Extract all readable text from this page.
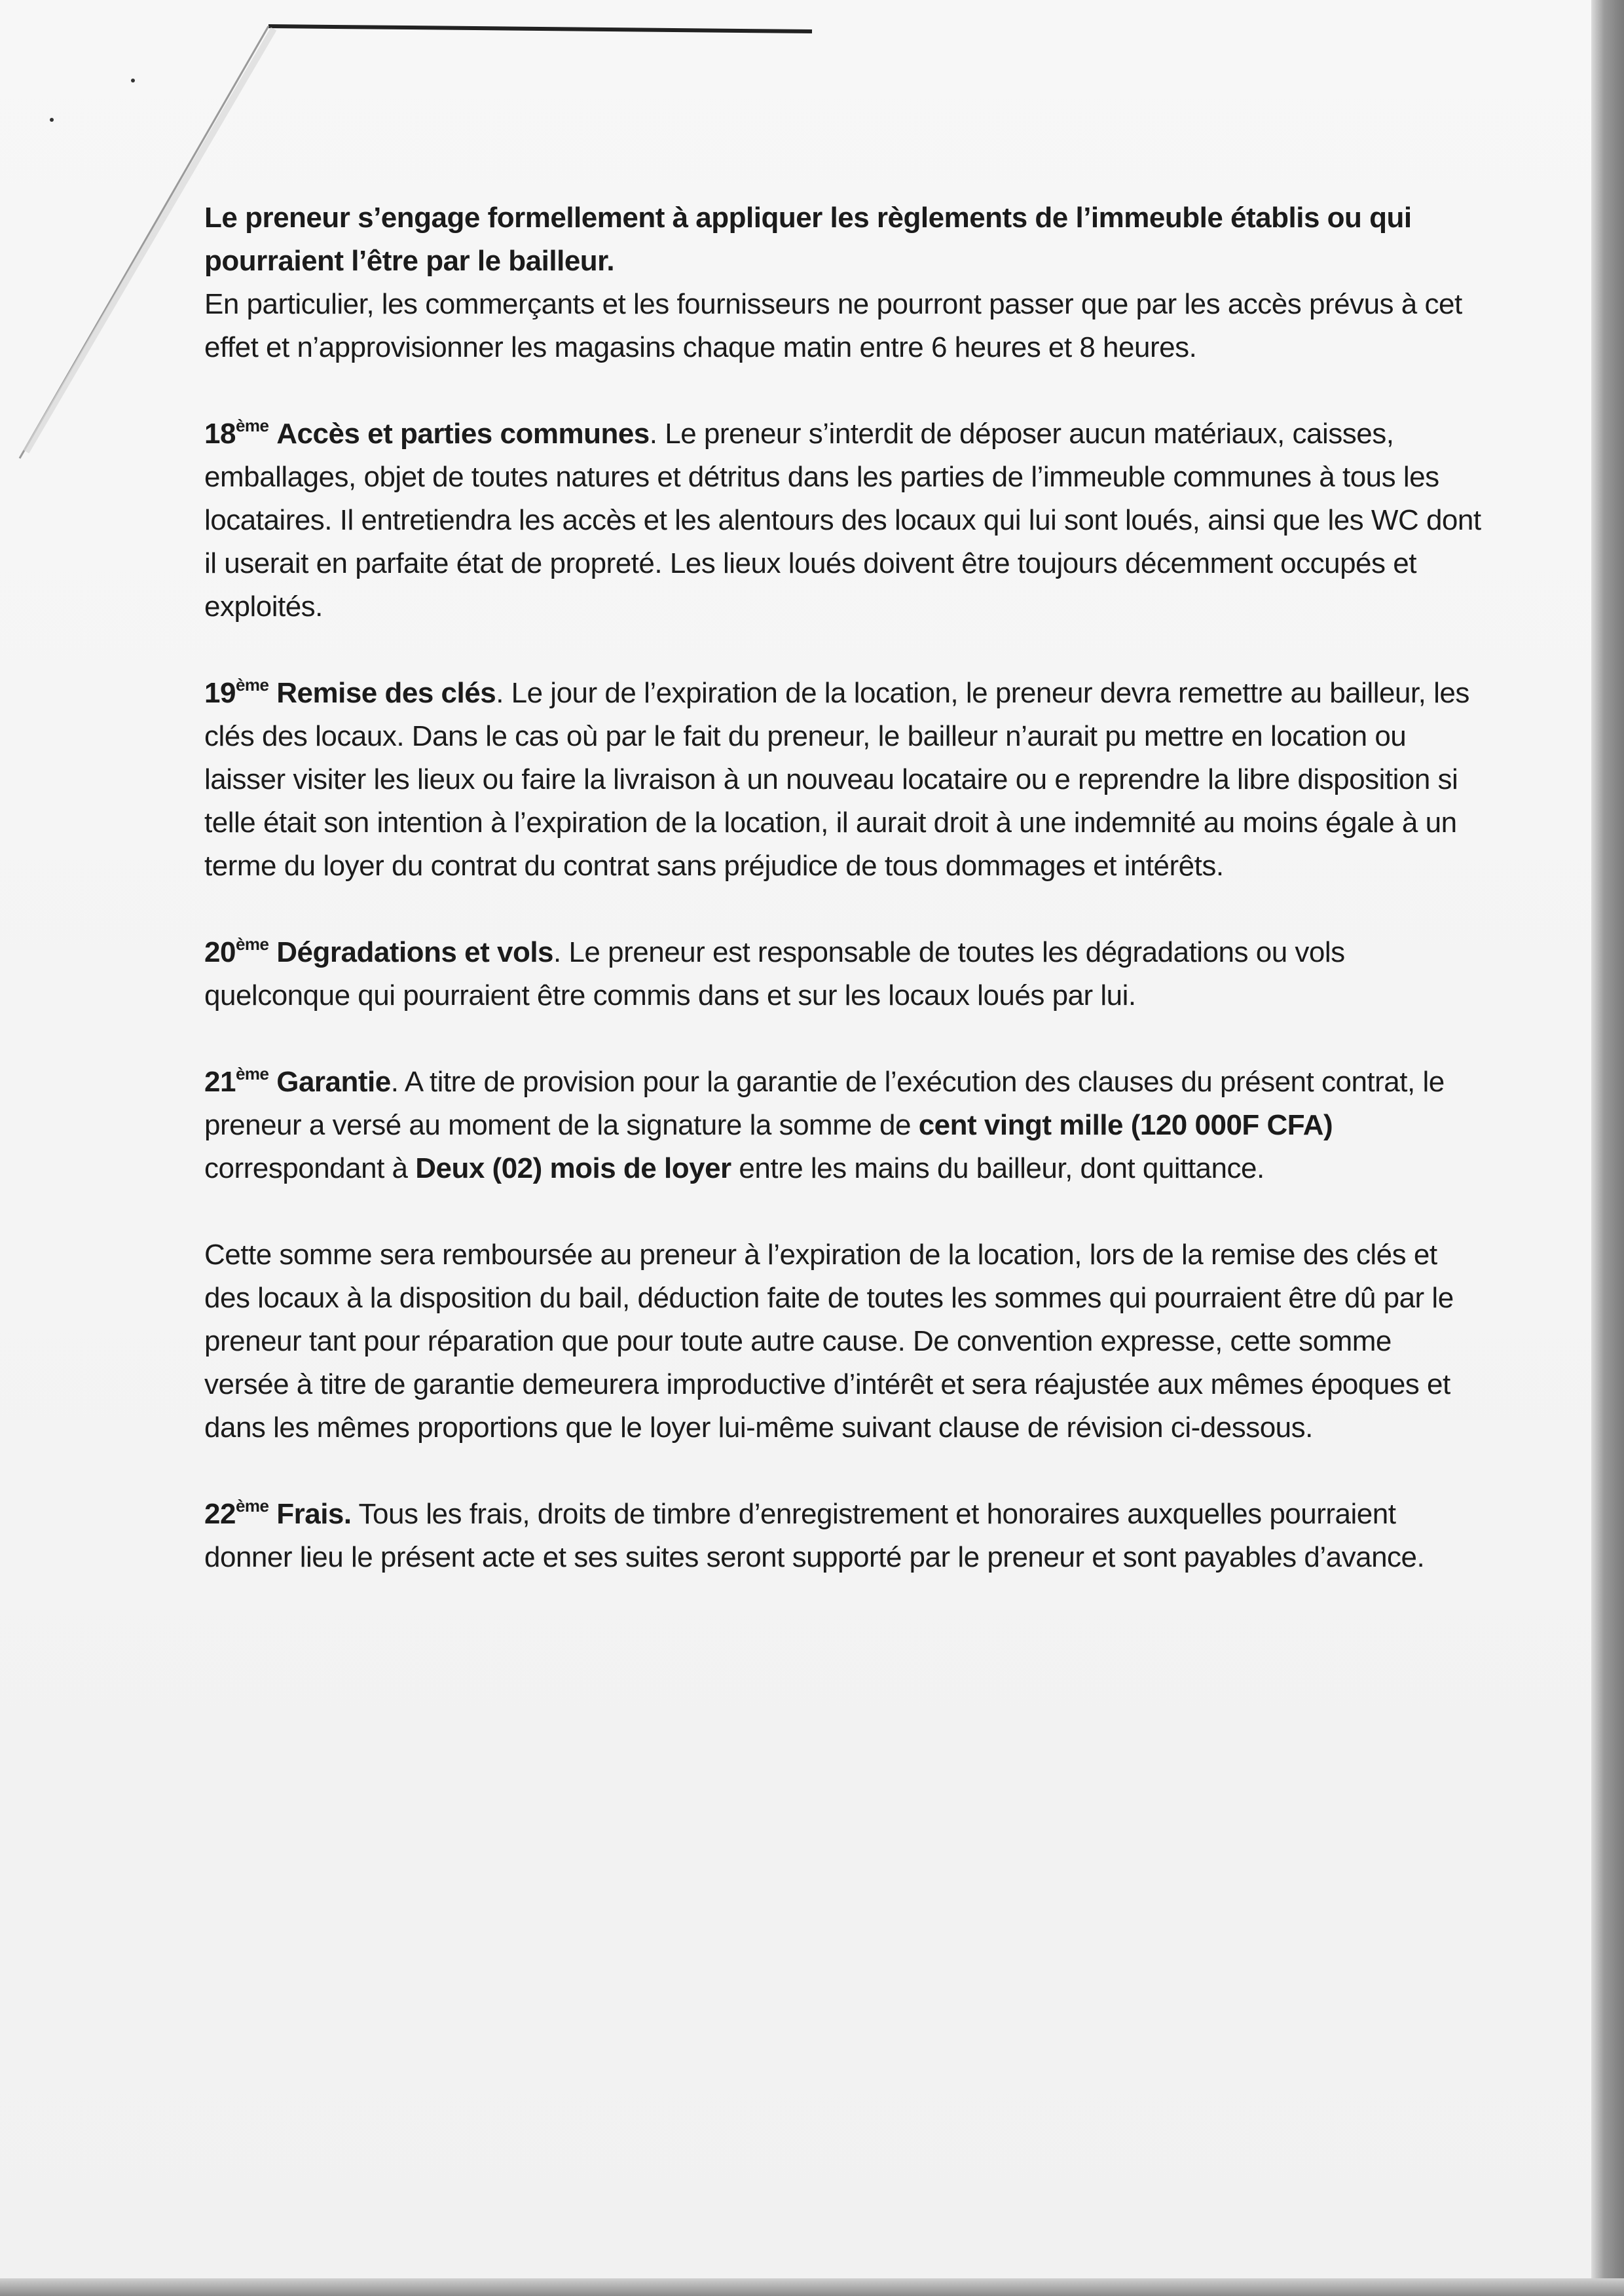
Le preneur s’engage formellement à appliquer les règlements de l’immeuble établis ou qui pourraient l’être par le bailleur.

En particulier, les commerçants et les fournisseurs ne pourront passer que par les accès prévus à cet effet et n’approvisionner les magasins chaque matin entre 6 heures et 8 heures.

18ème Accès et parties communes. Le preneur s’interdit de déposer aucun matériaux, caisses, emballages, objet de toutes natures et détritus dans les parties de l’immeuble communes à tous les locataires. Il entretiendra les accès et les alentours des locaux qui lui sont loués, ainsi que les WC dont il userait en parfaite état de propreté. Les lieux loués doivent être toujours décemment occupés et exploités.

19ème Remise des clés. Le jour de l’expiration de la location, le preneur devra remettre au bailleur, les clés des locaux. Dans le cas où par le fait du preneur, le bailleur n’aurait pu mettre en location ou laisser visiter les lieux ou faire la livraison à un nouveau locataire ou e reprendre la libre disposition si telle était son intention à l’expiration de la location, il aurait droit à une indemnité au moins égale à un terme du loyer du contrat du contrat sans préjudice de tous dommages et intérêts.

20ème Dégradations et vols. Le preneur est responsable de toutes les dégradations ou vols quelconque qui pourraient être commis dans et sur les locaux loués par lui.

21ème Garantie. A titre de provision pour la garantie de l’exécution des clauses du présent contrat, le preneur a versé au moment de la signature la somme de cent vingt mille (120 000F CFA) correspondant à Deux (02) mois de loyer entre les mains du bailleur, dont quittance.

Cette somme sera remboursée au preneur à l’expiration de la location, lors de la remise des clés et des locaux à la disposition du bail, déduction faite de toutes les sommes qui pourraient être dû par le preneur tant pour réparation que pour toute autre cause. De convention expresse, cette somme versée à titre de garantie demeurera improductive d’intérêt et sera réajustée aux mêmes époques et dans les mêmes proportions que le loyer lui-même suivant clause de révision ci-dessous.

22ème Frais. Tous les frais, droits de timbre d’enregistrement et honoraires auxquelles pourraient donner lieu le présent acte et ses suites seront supporté par le preneur et sont payables d’avance.
